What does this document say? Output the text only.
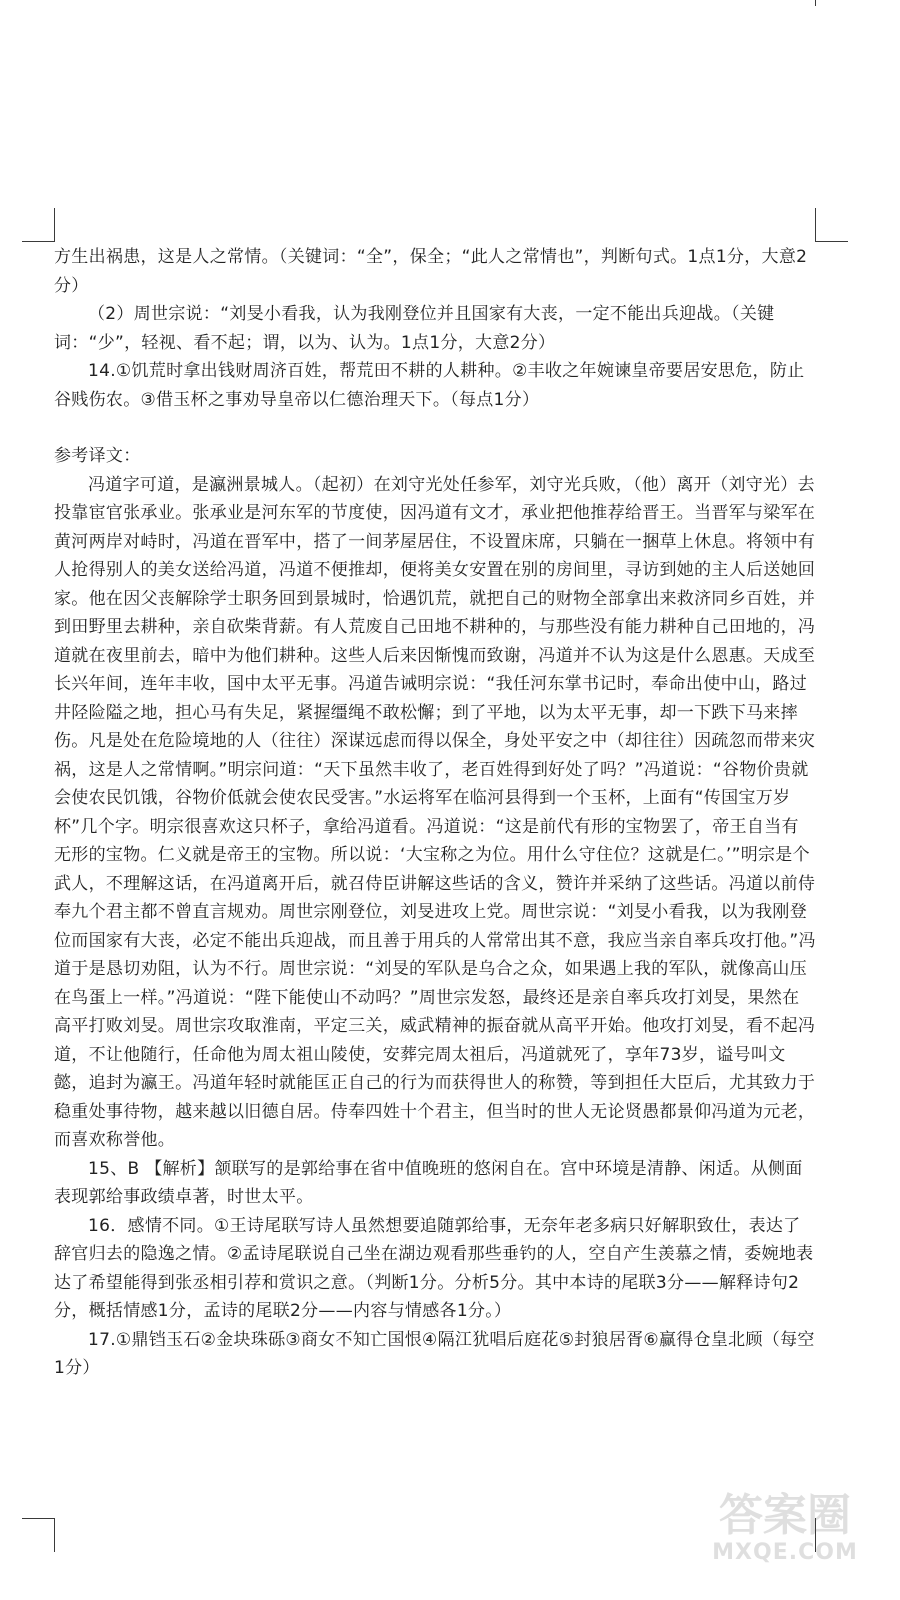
方生出祸患，这是人之常情。（关键词：“全”，保全；“此人之常情也”，判断句式。1点1分，大意2分）

（2）周世宗说：“刘旻小看我，认为我刚登位并且国家有大丧，一定不能出兵迎战。（关键词：“少”，轻视、看不起；谓，以为、认为。1点1分，大意2分）

14.①饥荒时拿出钱财周济百姓，帮荒田不耕的人耕种。②丰收之年婉谏皇帝要居安思危，防止谷贱伤农。③借玉杯之事劝导皇帝以仁德治理天下。（每点1分）

参考译文：

冯道字可道，是瀛洲景城人。（起初）在刘守光处任参军，刘守光兵败，（他）离开（刘守光）去投靠宦官张承业。张承业是河东军的节度使，因冯道有文才，承业把他推荐给晋王。当晋军与梁军在黄河两岸对峙时，冯道在晋军中，搭了一间茅屋居住，不设置床席，只躺在一捆草上休息。将领中有人抢得别人的美女送给冯道，冯道不便推却，便将美女安置在别的房间里，寻访到她的主人后送她回家。他在因父丧解除学士职务回到景城时，恰遇饥荒，就把自己的财物全部拿出来救济同乡百姓，并到田野里去耕种，亲自砍柴背薪。有人荒废自己田地不耕种的，与那些没有能力耕种自己田地的，冯道就在夜里前去，暗中为他们耕种。这些人后来因惭愧而致谢，冯道并不认为这是什么恩惠。天成至长兴年间，连年丰收，国中太平无事。冯道告诫明宗说：“我任河东掌书记时，奉命出使中山，路过井陉险隘之地，担心马有失足，紧握缰绳不敢松懈；到了平地，以为太平无事，却一下跌下马来摔伤。凡是处在危险境地的人（往往）深谋远虑而得以保全，身处平安之中（却往往）因疏忽而带来灾祸，这是人之常情啊。”明宗问道：“天下虽然丰收了，老百姓得到好处了吗？”冯道说：“谷物价贵就会使农民饥饿，谷物价低就会使农民受害。”水运将军在临河县得到一个玉杯，上面有“传国宝万岁杯”几个字。明宗很喜欢这只杯子，拿给冯道看。冯道说：“这是前代有形的宝物罢了，帝王自当有无形的宝物。仁义就是帝王的宝物。所以说：‘大宝称之为位。用什么守住位？这就是仁。’”明宗是个武人，不理解这话，在冯道离开后，就召侍臣讲解这些话的含义，赞许并采纳了这些话。冯道以前侍奉九个君主都不曾直言规劝。周世宗刚登位，刘旻进攻上党。周世宗说：“刘旻小看我，以为我刚登位而国家有大丧，必定不能出兵迎战，而且善于用兵的人常常出其不意，我应当亲自率兵攻打他。”冯道于是恳切劝阻，认为不行。周世宗说：“刘旻的军队是乌合之众，如果遇上我的军队，就像高山压在鸟蛋上一样。”冯道说：“陛下能使山不动吗？”周世宗发怒，最终还是亲自率兵攻打刘旻，果然在高平打败刘旻。周世宗攻取淮南，平定三关，威武精神的振奋就从高平开始。他攻打刘旻，看不起冯道，不让他随行，任命他为周太祖山陵使，安葬完周太祖后，冯道就死了，享年73岁，谥号叫文懿，追封为瀛王。冯道年轻时就能匡正自己的行为而获得世人的称赞，等到担任大臣后，尤其致力于稳重处事待物，越来越以旧德自居。侍奉四姓十个君主，但当时的世人无论贤愚都景仰冯道为元老，而喜欢称誉他。

15、B 【解析】颔联写的是郭给事在省中值晚班的悠闲自在。宫中环境是清静、闲适。从侧面表现郭给事政绩卓著，时世太平。

16．感情不同。①王诗尾联写诗人虽然想要追随郭给事，无奈年老多病只好解职致仕，表达了辞官归去的隐逸之情。②孟诗尾联说自己坐在湖边观看那些垂钓的人，空自产生羡慕之情，委婉地表达了希望能得到张丞相引荐和赏识之意。（判断1分。分析5分。其中本诗的尾联3分——解释诗句2分，概括情感1分，孟诗的尾联2分——内容与情感各1分。）

17.①鼎铛玉石②金块珠砾③商女不知亡国恨④隔江犹唱后庭花⑤封狼居胥⑥赢得仓皇北顾（每空1分）

答案圈
MXQE.COM
